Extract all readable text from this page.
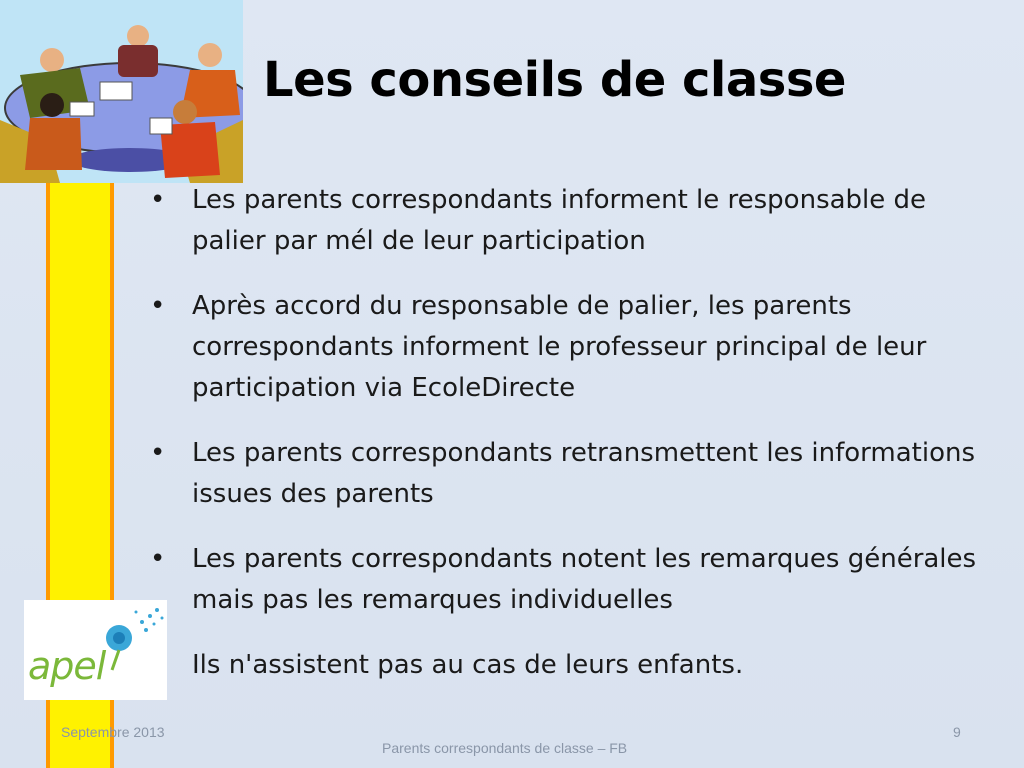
Les conseils de classe
• Les parents correspondants informent le responsable de palier par mél de leur participation
• Après accord du responsable de palier, les parents correspondants informent le professeur principal de leur participation via EcoleDirecte
• Les parents correspondants retransmettent les informations issues des parents
• Les parents correspondants notent les remarques générales mais pas les remarques individuelles
Ils n'assistent pas au cas de leurs enfants.
apel
Septembre 2013
Parents correspondants de classe – FB
9
